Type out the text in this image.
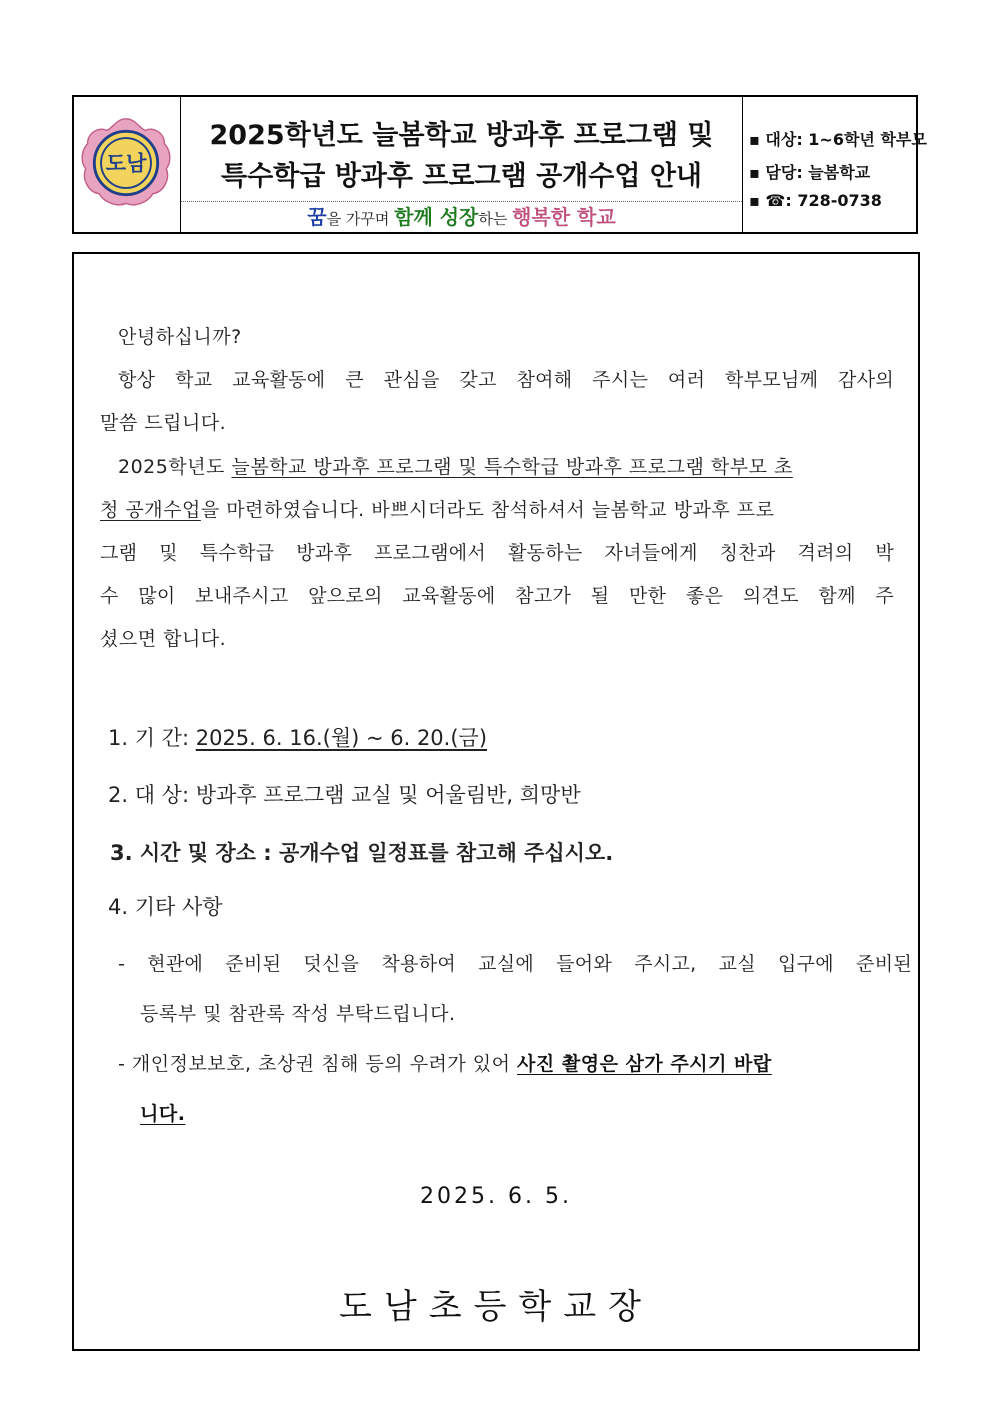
도남
2025학년도 늘봄학교 방과후 프로그램 및
특수학급 방과후 프로그램 공개수업 안내
꿈을 가꾸며 함께 성장하는 행복한 학교
▪ 대상: 1~6학년 학부모
▪ 담당: 늘봄학교
▪ ☎: 728-0738
안녕하십니까?
항상 학교 교육활동에 큰 관심을 갖고 참여해 주시는 여러 학부모님께 감사의
말씀 드립니다.
2025학년도 늘봄학교 방과후 프로그램 및 특수학급 방과후 프로그램 학부모 초
청 공개수업을 마련하였습니다. 바쁘시더라도 참석하셔서 늘봄학교 방과후 프로
그램 및 특수학급 방과후 프로그램에서 활동하는 자녀들에게 칭찬과 격려의 박
수 많이 보내주시고 앞으로의 교육활동에 참고가 될 만한 좋은 의견도 함께 주
셨으면 합니다.
1. 기 간: 2025. 6. 16.(월) ~ 6. 20.(금)
2. 대 상: 방과후 프로그램 교실 및 어울림반, 희망반
3. 시간 및 장소 : 공개수업 일정표를 참고해 주십시오.
4. 기타 사항
- 현관에 준비된 덧신을 착용하여 교실에 들어와 주시고, 교실 입구에 준비된
등록부 및 참관록 작성 부탁드립니다.
- 개인정보보호, 초상권 침해 등의 우려가 있어 사진 촬영은 삼가 주시기 바랍
니다.
2025. 6. 5.
도남초등학교장
